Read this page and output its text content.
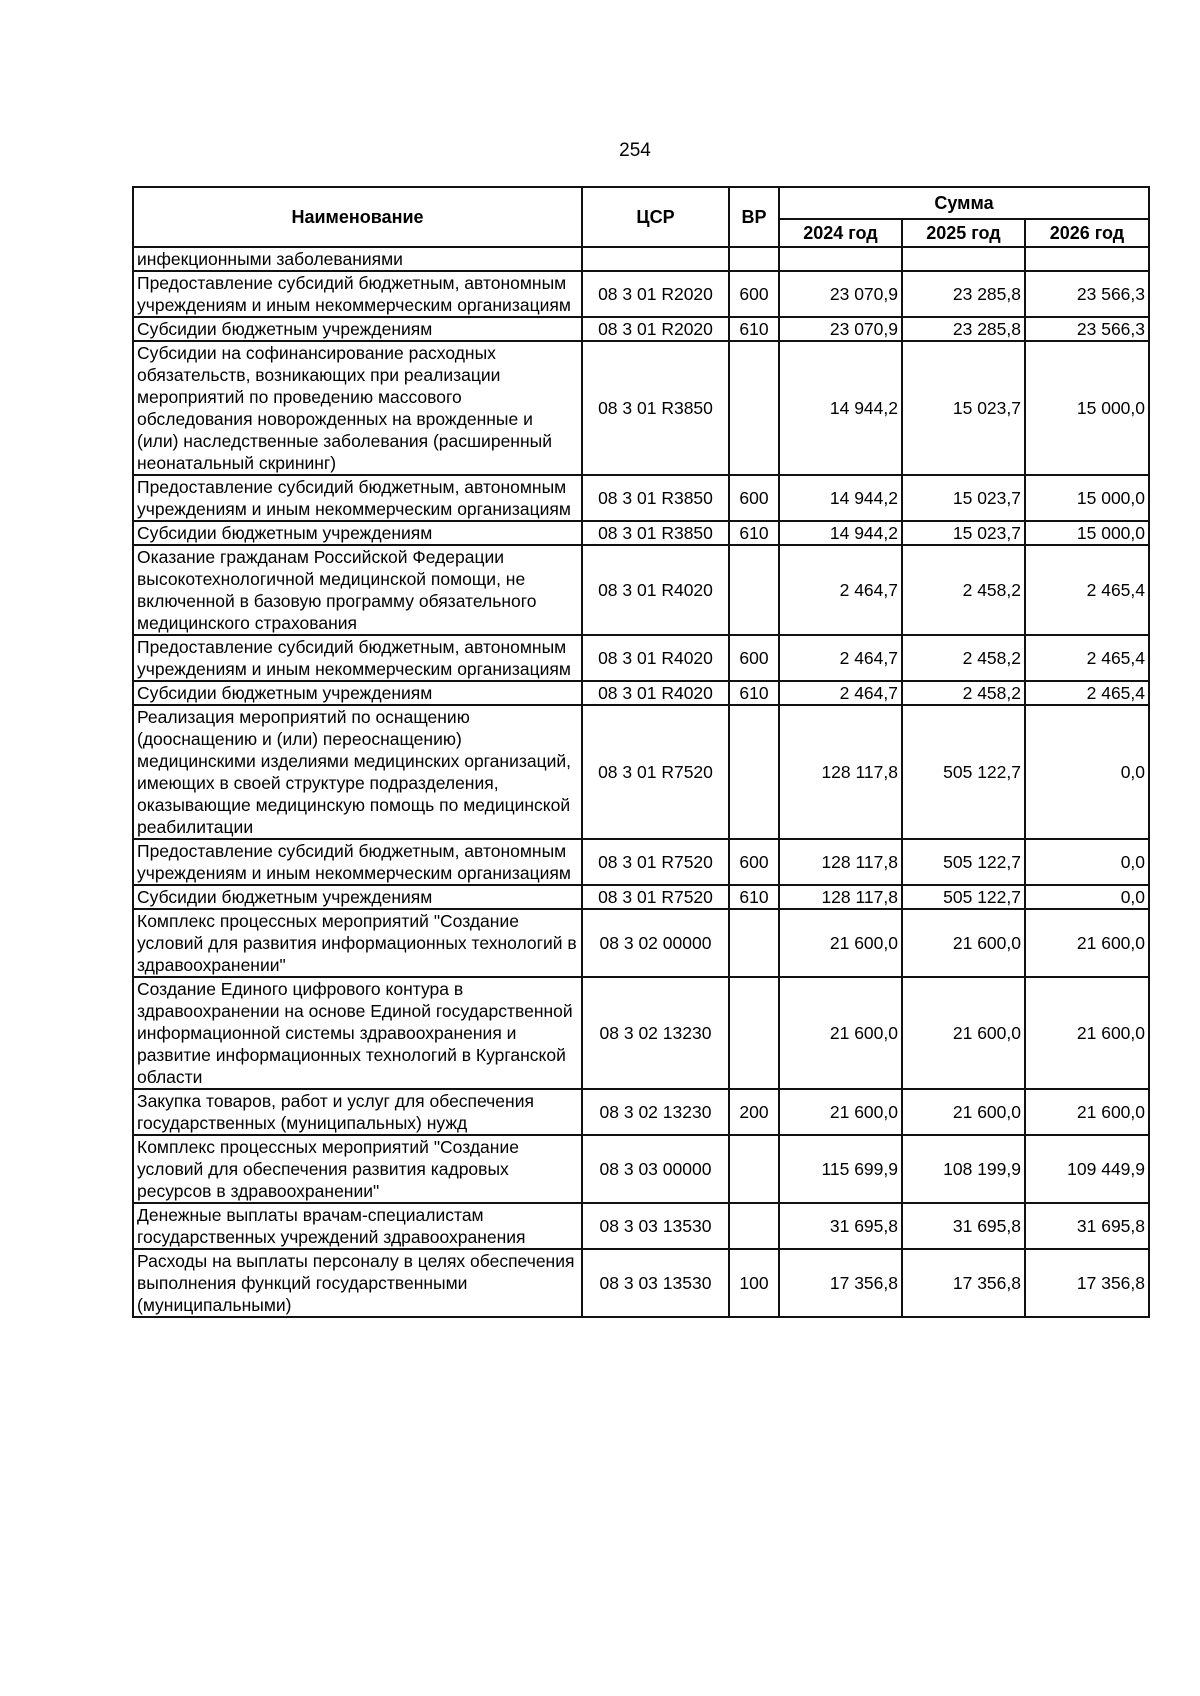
254
Наименование	ЦСР	ВР	Сумма		
			2024 год	2025 год	2026 год
инфекционными заболеваниями					
Предоставление субсидий бюджетным, автономным учреждениям и иным некоммерческим организациям	08 3 01 R2020	600	23 070,9	23 285,8	23 566,3
Субсидии бюджетным учреждениям	08 3 01 R2020	610	23 070,9	23 285,8	23 566,3
Субсидии на софинансирование расходных обязательств, возникающих при реализации мероприятий по проведению массового обследования новорожденных на врожденные и (или) наследственные заболевания (расширенный неонатальный скрининг)	08 3 01 R3850		14 944,2	15 023,7	15 000,0
Предоставление субсидий бюджетным, автономным учреждениям и иным некоммерческим организациям	08 3 01 R3850	600	14 944,2	15 023,7	15 000,0
Субсидии бюджетным учреждениям	08 3 01 R3850	610	14 944,2	15 023,7	15 000,0
Оказание гражданам Российской Федерации высокотехнологичной медицинской помощи, не включенной в базовую программу обязательного медицинского страхования	08 3 01 R4020		2 464,7	2 458,2	2 465,4
Предоставление субсидий бюджетным, автономным учреждениям и иным некоммерческим организациям	08 3 01 R4020	600	2 464,7	2 458,2	2 465,4
Субсидии бюджетным учреждениям	08 3 01 R4020	610	2 464,7	2 458,2	2 465,4
Реализация мероприятий по оснащению (дооснащению и (или) переоснащению) медицинскими изделиями медицинских организаций, имеющих в своей структуре подразделения, оказывающие медицинскую помощь по медицинской реабилитации	08 3 01 R7520		128 117,8	505 122,7	0,0
Предоставление субсидий бюджетным, автономным учреждениям и иным некоммерческим организациям	08 3 01 R7520	600	128 117,8	505 122,7	0,0
Субсидии бюджетным учреждениям	08 3 01 R7520	610	128 117,8	505 122,7	0,0
Комплекс процессных мероприятий "Создание условий для развития информационных технологий в здравоохранении"	08 3 02 00000		21 600,0	21 600,0	21 600,0
Создание Единого цифрового контура в здравоохранении на основе Единой государственной информационной системы здравоохранения и развитие информационных технологий в Курганской области	08 3 02 13230		21 600,0	21 600,0	21 600,0
Закупка товаров, работ и услуг для обеспечения государственных (муниципальных) нужд	08 3 02 13230	200	21 600,0	21 600,0	21 600,0
Комплекс процессных мероприятий "Создание условий для обеспечения развития кадровых ресурсов в здравоохранении"	08 3 03 00000		115 699,9	108 199,9	109 449,9
Денежные выплаты врачам-специалистам государственных учреждений здравоохранения	08 3 03 13530		31 695,8	31 695,8	31 695,8
Расходы на выплаты персоналу в целях обеспечения выполнения функций государственными (муниципальными)	08 3 03 13530	100	17 356,8	17 356,8	17 356,8
